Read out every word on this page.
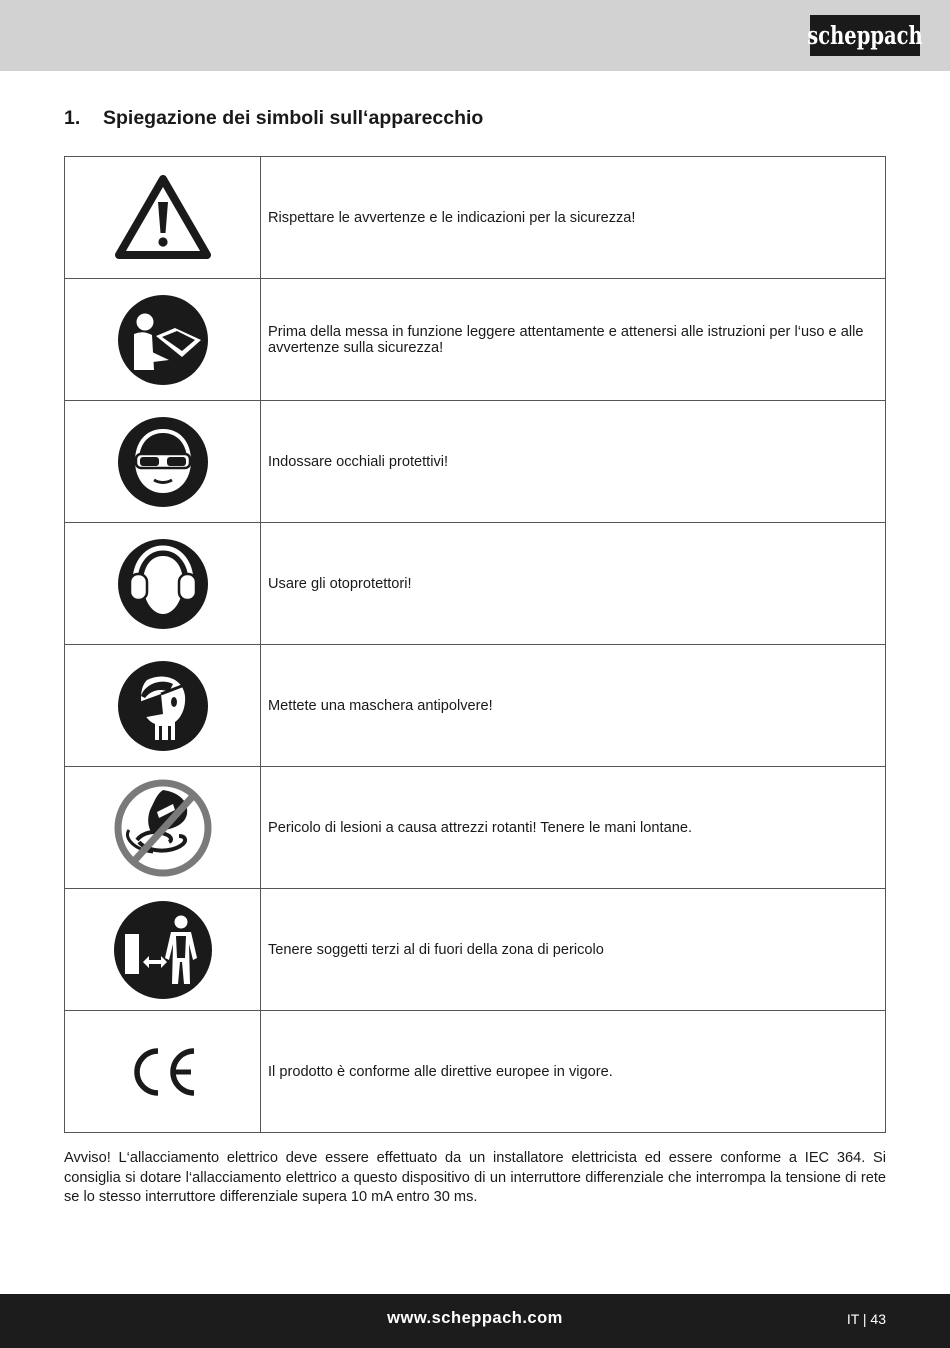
scheppach
1. Spiegazione dei simboli sull‘apparecchio
	Rispettare le avvertenze e le indicazioni per la sicurezza!

	Prima della messa in funzione leggere attentamente e attenersi alle istruzioni per l‘uso e alle avvertenze sulla sicurezza!

	Indossare occhiali protettivi!

	Usare gli otoprotettori!

	Mettete una maschera antipolvere!

	Pericolo di lesioni a causa attrezzi rotanti! Tenere le mani lontane.

	Tenere soggetti terzi al di fuori della zona di pericolo

	Il prodotto è conforme alle direttive europee in vigore.
Avviso! L‘allacciamento elettrico deve essere effettuato da un installatore elettricista ed essere conforme a IEC 364. Si consiglia si dotare l‘allacciamento elettrico a questo dispositivo di un interruttore differenziale che interrompa la tensione di rete se lo stesso interruttore differenziale supera 10 mA entro 30 ms.
www.scheppach.com	IT | 43
